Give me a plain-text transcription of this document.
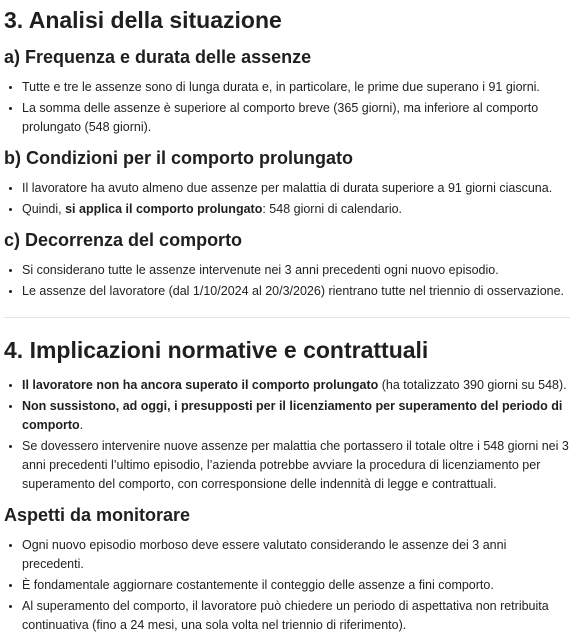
3. Analisi della situazione
a) Frequenza e durata delle assenze
• Tutte e tre le assenze sono di lunga durata e, in particolare, le prime due superano i 91 giorni.
• La somma delle assenze è superiore al comporto breve (365 giorni), ma inferiore al comporto prolungato (548 giorni).
b) Condizioni per il comporto prolungato
• Il lavoratore ha avuto almeno due assenze per malattia di durata superiore a 91 giorni ciascuna.
• Quindi, si applica il comporto prolungato: 548 giorni di calendario.
c) Decorrenza del comporto
• Si considerano tutte le assenze intervenute nei 3 anni precedenti ogni nuovo episodio.
• Le assenze del lavoratore (dal 1/10/2024 al 20/3/2026) rientrano tutte nel triennio di osservazione.
4. Implicazioni normative e contrattuali
• Il lavoratore non ha ancora superato il comporto prolungato (ha totalizzato 390 giorni su 548).
• Non sussistono, ad oggi, i presupposti per il licenziamento per superamento del periodo di comporto.
• Se dovessero intervenire nuove assenze per malattia che portassero il totale oltre i 548 giorni nei 3 anni precedenti l’ultimo episodio, l’azienda potrebbe avviare la procedura di licenziamento per superamento del comporto, con corresponsione delle indennità di legge e contrattuali.
Aspetti da monitorare
• Ogni nuovo episodio morboso deve essere valutato considerando le assenze dei 3 anni precedenti.
• È fondamentale aggiornare costantemente il conteggio delle assenze a fini comporto.
• Al superamento del comporto, il lavoratore può chiedere un periodo di aspettativa non retribuita continuativa (fino a 24 mesi, una sola volta nel triennio di riferimento).
